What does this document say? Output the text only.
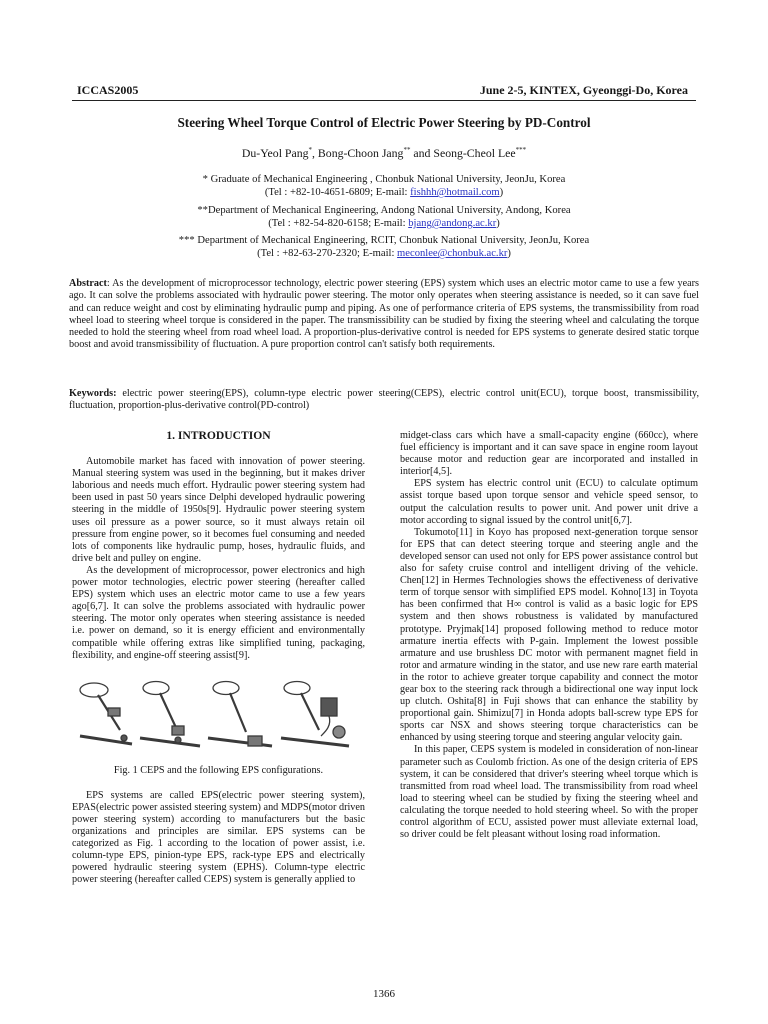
ICCAS2005	June 2-5, KINTEX, Gyeonggi-Do, Korea
Steering Wheel Torque Control of Electric Power Steering by PD-Control
Du-Yeol Pang*, Bong-Choon Jang** and Seong-Cheol Lee***
* Graduate of Mechanical Engineering , Chonbuk National University, JeonJu, Korea
(Tel : +82-10-4651-6809; E-mail: fishhh@hotmail.com)
**Department of Mechanical Engineering, Andong National University, Andong, Korea
(Tel : +82-54-820-6158; E-mail: bjang@andong.ac.kr)
*** Department of Mechanical Engineering, RCIT, Chonbuk National University, JeonJu, Korea
(Tel : +82-63-270-2320; E-mail: meconlee@chonbuk.ac.kr)
Abstract: As the development of microprocessor technology, electric power steering (EPS) system which uses an electric motor came to use a few years ago. It can solve the problems associated with hydraulic power steering. The motor only operates when steering assistance is needed, so it can save fuel and can reduce weight and cost by eliminating hydraulic pump and piping. As one of performance criteria of EPS systems, the transmissibility from road wheel load to steering wheel torque is considered in the paper. The transmissibility can be studied by fixing the steering wheel and calculating the torque needed to hold the steering wheel from road wheel load. A proportion-plus-derivative control is needed for EPS systems to generate desired static torque boost and avoid transmissibility of fluctuation. A pure proportion control can't satisfy both requirements.
Keywords: electric power steering(EPS), column-type electric power steering(CEPS), electric control unit(ECU), torque boost, transmissibility, fluctuation, proportion-plus-derivative control(PD-control)
1. INTRODUCTION

Automobile market has faced with innovation of power steering. Manual steering system was used in the beginning, but it makes driver laborious and needs much effort. Hydraulic power steering system had been used in past 50 years since Delphi developed hydraulic powering steering in the middle of 1950s[9]. Hydraulic power steering system uses oil pressure as a power source, so it must always retain oil pressure from engine power, so it becomes fuel consuming and needed lots of components like hydraulic pump, hoses, hydraulic fluids, and drive belt and pulley on engine.

As the development of microprocessor, power electronics and high power motor technologies, electric power steering (hereafter called EPS) system which uses an electric motor came to use a few years ago[6,7]. It can solve the problems associated with hydraulic power steering. The motor only operates when steering assistance is needed i.e. power on demand, so it is energy efficient and environmentally compatible while offering extras like simplified tuning, packaging, flexibility, and engine-off steering assist[9].

Fig. 1 CEPS and the following EPS configurations.

EPS systems are called EPS(electric power steering system), EPAS(electric power assisted steering system) and MDPS(motor driven power steering system) according to manufacturers but the basic organizations and principles are similar. EPS systems can be categorized as Fig. 1 according to the location of power assist, i.e. column-type EPS, pinion-type EPS, rack-type EPS and electrically powered hydraulic steering system (EPHS). Column-type electric power steering (hereafter called CEPS) system is generally applied to

midget-class cars which have a small-capacity engine (660cc), where fuel efficiency is important and it can save space in engine room layout because motor and reduction gear are incorporated and installed in interior[4,5].

EPS system has electric control unit (ECU) to calculate optimum assist torque based upon torque sensor and vehicle speed sensor, to output the calculation results to power unit. And power unit drive a motor according to signal issued by the control unit[6,7].

Tokumoto[11] in Koyo has proposed next-generation torque sensor for EPS that can detect steering torque and steering angle and the developed sensor can used not only for EPS power assistance control but also for safety cruise control and intelligent driving of the vehicle. Chen[12] in Hermes Technologies shows the effectiveness of derivative term of torque sensor with simplified EPS model. Kohno[13] in Toyota has been confirmed that H∞ control is valid as a basic logic for EPS system and then shows robustness is validated by manufactured prototype. Pryjmak[14] proposed following method to reduce motor armature inertia effects with P-gain. Implement the lowest possible armature and use brushless DC motor with permanent magnet field in rotor and armature winding in the stator, and use new rare earth material in the rotor to achieve greater torque capability and connect the motor gear box to the steering rack through a bidirectional one way input lock up clutch. Oshita[8] in Fuji shows that can enhance the stability by proportional gain. Shimizu[7] in Honda adopts ball-screw type EPS for sports car NSX and shows steering torque characteristics can be enhanced by using steering torque and steering angular velocity gain.

In this paper, CEPS system is modeled in consideration of non-linear parameter such as Coulomb friction. As one of the design criteria of EPS system, it can be considered that driver's steering wheel torque which is transmitted from road wheel load. The transmissibility from road wheel load to steering wheel can be studied by fixing the steering wheel and calculating the torque needed to hold steering wheel. So with the proper control algorithm of ECU, assisted power must alleviate external load, so driver could be felt pleasant without losing road information.

1366
